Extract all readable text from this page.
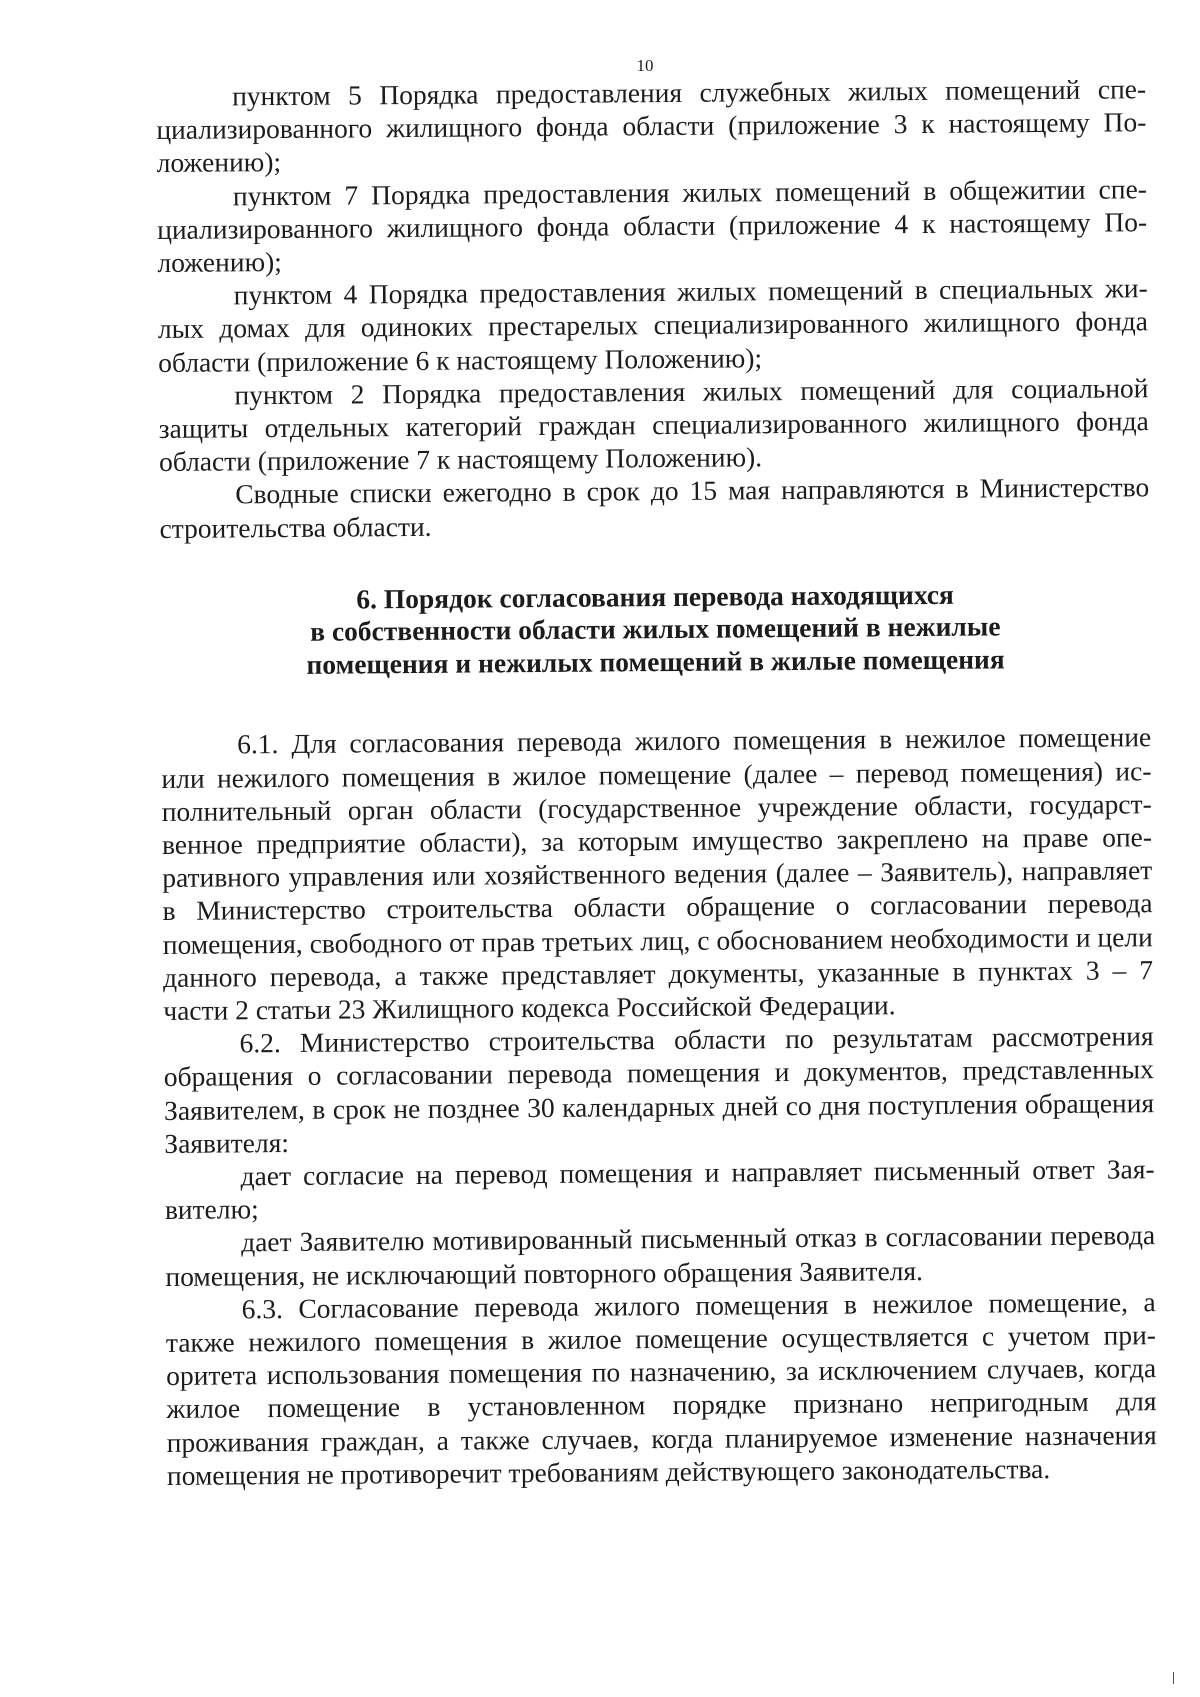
10

пунктом 5 Порядка предоставления служебных жилых помещений специализированного жилищного фонда области (приложение 3 к настоящему Положению);

пунктом 7 Порядка предоставления жилых помещений в общежитии специализированного жилищного фонда области (приложение 4 к настоящему Положению);

пунктом 4 Порядка предоставления жилых помещений в специальных жилых домах для одиноких престарелых специализированного жилищного фонда области (приложение 6 к настоящему Положению);

пунктом 2 Порядка предоставления жилых помещений для социальной защиты отдельных категорий граждан специализированного жилищного фонда области (приложение 7 к настоящему Положению).

Сводные списки ежегодно в срок до 15 мая направляются в Министерство строительства области.

6. Порядок согласования перевода находящихся
в собственности области жилых помещений в нежилые
помещения и нежилых помещений в жилые помещения

6.1. Для согласования перевода жилого помещения в нежилое помещение или нежилого помещения в жилое помещение (далее – перевод помещения) исполнительный орган области (государственное учреждение области, государственное предприятие области), за которым имущество закреплено на праве оперативного управления или хозяйственного ведения (далее – Заявитель), направляет в Министерство строительства области обращение о согласовании перевода помещения, свободного от прав третьих лиц, с обоснованием необходимости и цели данного перевода, а также представляет документы, указанные в пунктах 3 – 7 части 2 статьи 23 Жилищного кодекса Российской Федерации.

6.2. Министерство строительства области по результатам рассмотрения обращения о согласовании перевода помещения и документов, представленных Заявителем, в срок не позднее 30 календарных дней со дня поступления обращения Заявителя:

дает согласие на перевод помещения и направляет письменный ответ Заявителю;

дает Заявителю мотивированный письменный отказ в согласовании перевода помещения, не исключающий повторного обращения Заявителя.

6.3. Согласование перевода жилого помещения в нежилое помещение, а также нежилого помещения в жилое помещение осуществляется с учетом приоритета использования помещения по назначению, за исключением случаев, когда жилое помещение в установленном порядке признано непригодным для проживания граждан, а также случаев, когда планируемое изменение назначения помещения не противоречит требованиям действующего законодательства.
